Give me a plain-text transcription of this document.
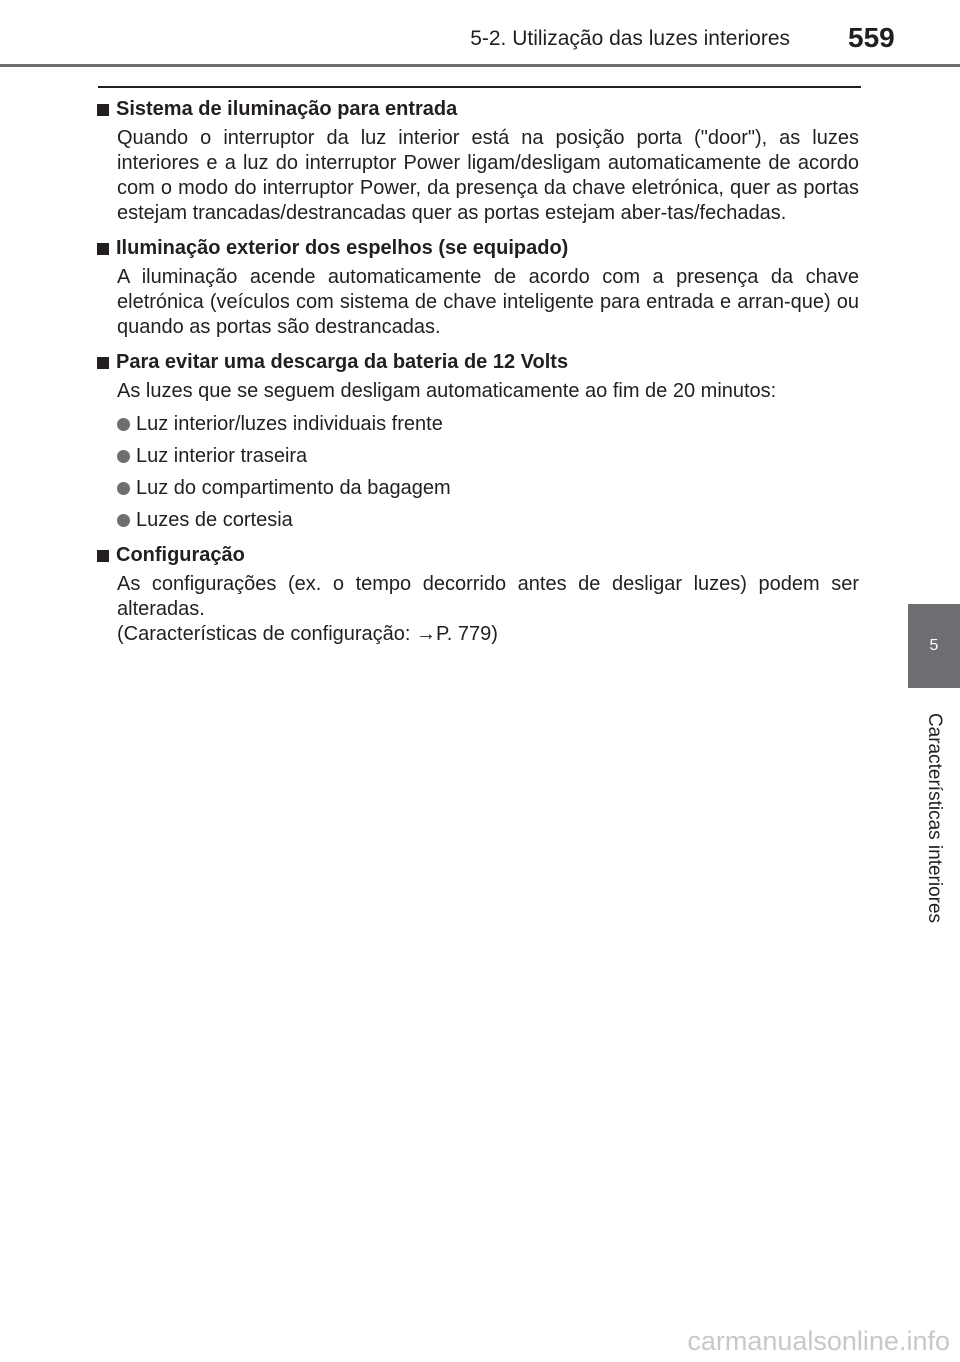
5-2. Utilização das luzes interiores 559
5
Características interiores
Sistema de iluminação para entrada
Quando o interruptor da luz interior está na posição porta ("door"), as luzes interiores e a luz do interruptor Power ligam/desligam automaticamente de acordo com o modo do interruptor Power, da presença da chave eletrónica, quer as portas estejam trancadas/destrancadas quer as portas estejam aber-tas/fechadas.
Iluminação exterior dos espelhos (se equipado)
A iluminação acende automaticamente de acordo com a presença da chave eletrónica (veículos com sistema de chave inteligente para entrada e arran-que) ou quando as portas são destrancadas.
Para evitar uma descarga da bateria de 12 Volts
As luzes que se seguem desligam automaticamente ao fim de 20 minutos:
Luz interior/luzes individuais frente
Luz interior traseira
Luz do compartimento da bagagem
Luzes de cortesia
Configuração
As configurações (ex. o tempo decorrido antes de desligar luzes) podem ser alteradas.
(Características de configuração: →P. 779)
carmanualsonline.info
